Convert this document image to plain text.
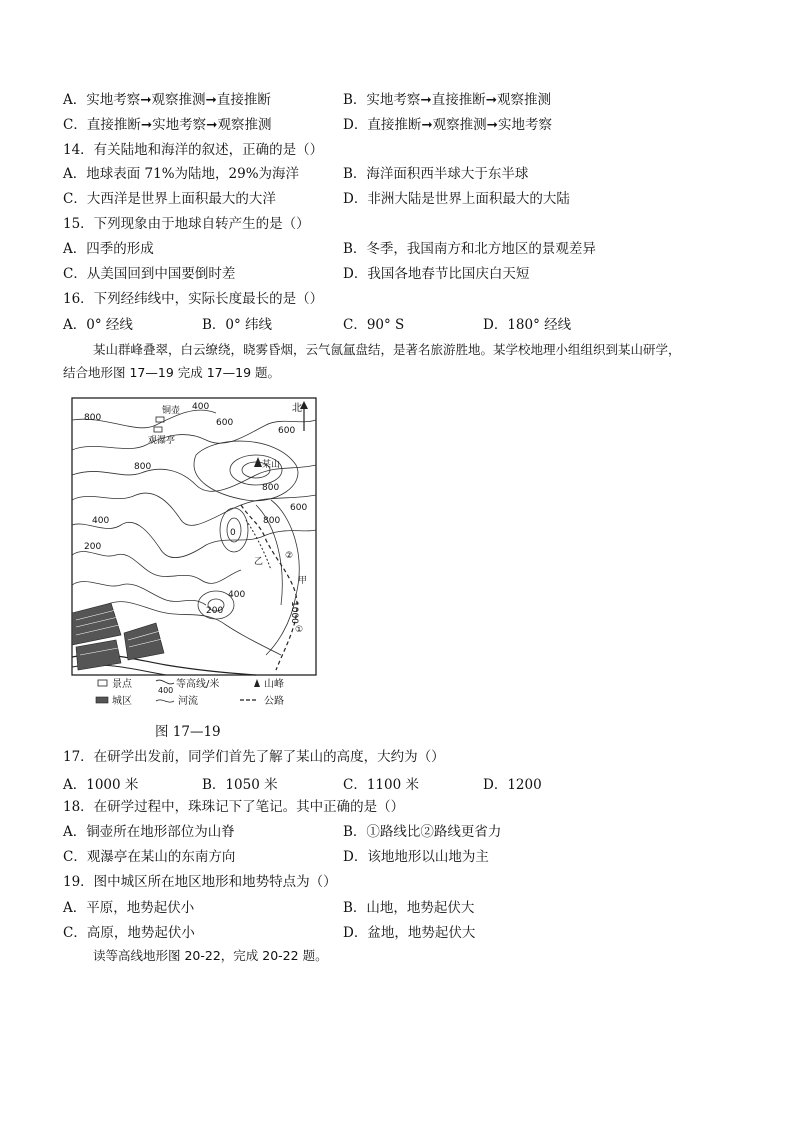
A．实地考察➞观察推测➞直接推断	B．实地考察➞直接推断➞观察推测
C．直接推断➞实地考察➞观察推测	D．直接推断➞观察推测➞实地考察
14．有关陆地和海洋的叙述，正确的是（）
A．地球表面 71%为陆地，29%为海洋	B．海洋面积西半球大于东半球
C．大西洋是世界上面积最大的大洋	D．非洲大陆是世界上面积最大的大陆
15．下列现象由于地球自转产生的是（）
A．四季的形成	B．冬季，我国南方和北方地区的景观差异
C．从美国回到中国要倒时差	D．我国各地春节比国庆白天短
16．下列经纬线中，实际长度最长的是（）
A．0° 经线	B．0° 纬线	C．90° S	D．180° 经线
某山群峰叠翠，白云缭绕，晓雾昏烟，云气氤氲盘结，是著名旅游胜地。某学校地理小组组织到某山研学，
结合地形图 17—19 完成 17—19 题。
北
800
铜壶 400
600
观瀑亭
600
800	某山
800
600
400	800
0
②
200
乙
甲
400
200	1000
①
景点
400
等高线/米	山峰
城区	河流	公路
图 17—19
17．在研学出发前，同学们首先了解了某山的高度，大约为（）
A．1000 米	B．1050 米	C．1100 米	D．1200
18．在研学过程中，珠珠记下了笔记。其中正确的是（）
A．铜壶所在地形部位为山脊	B．①路线比②路线更省力
C．观瀑亭在某山的东南方向	D．该地地形以山地为主
19．图中城区所在地区地形和地势特点为（）
A．平原，地势起伏小	B．山地，地势起伏大
C．高原，地势起伏小	D．盆地，地势起伏大
读等高线地形图 20-22，完成 20-22 题。
